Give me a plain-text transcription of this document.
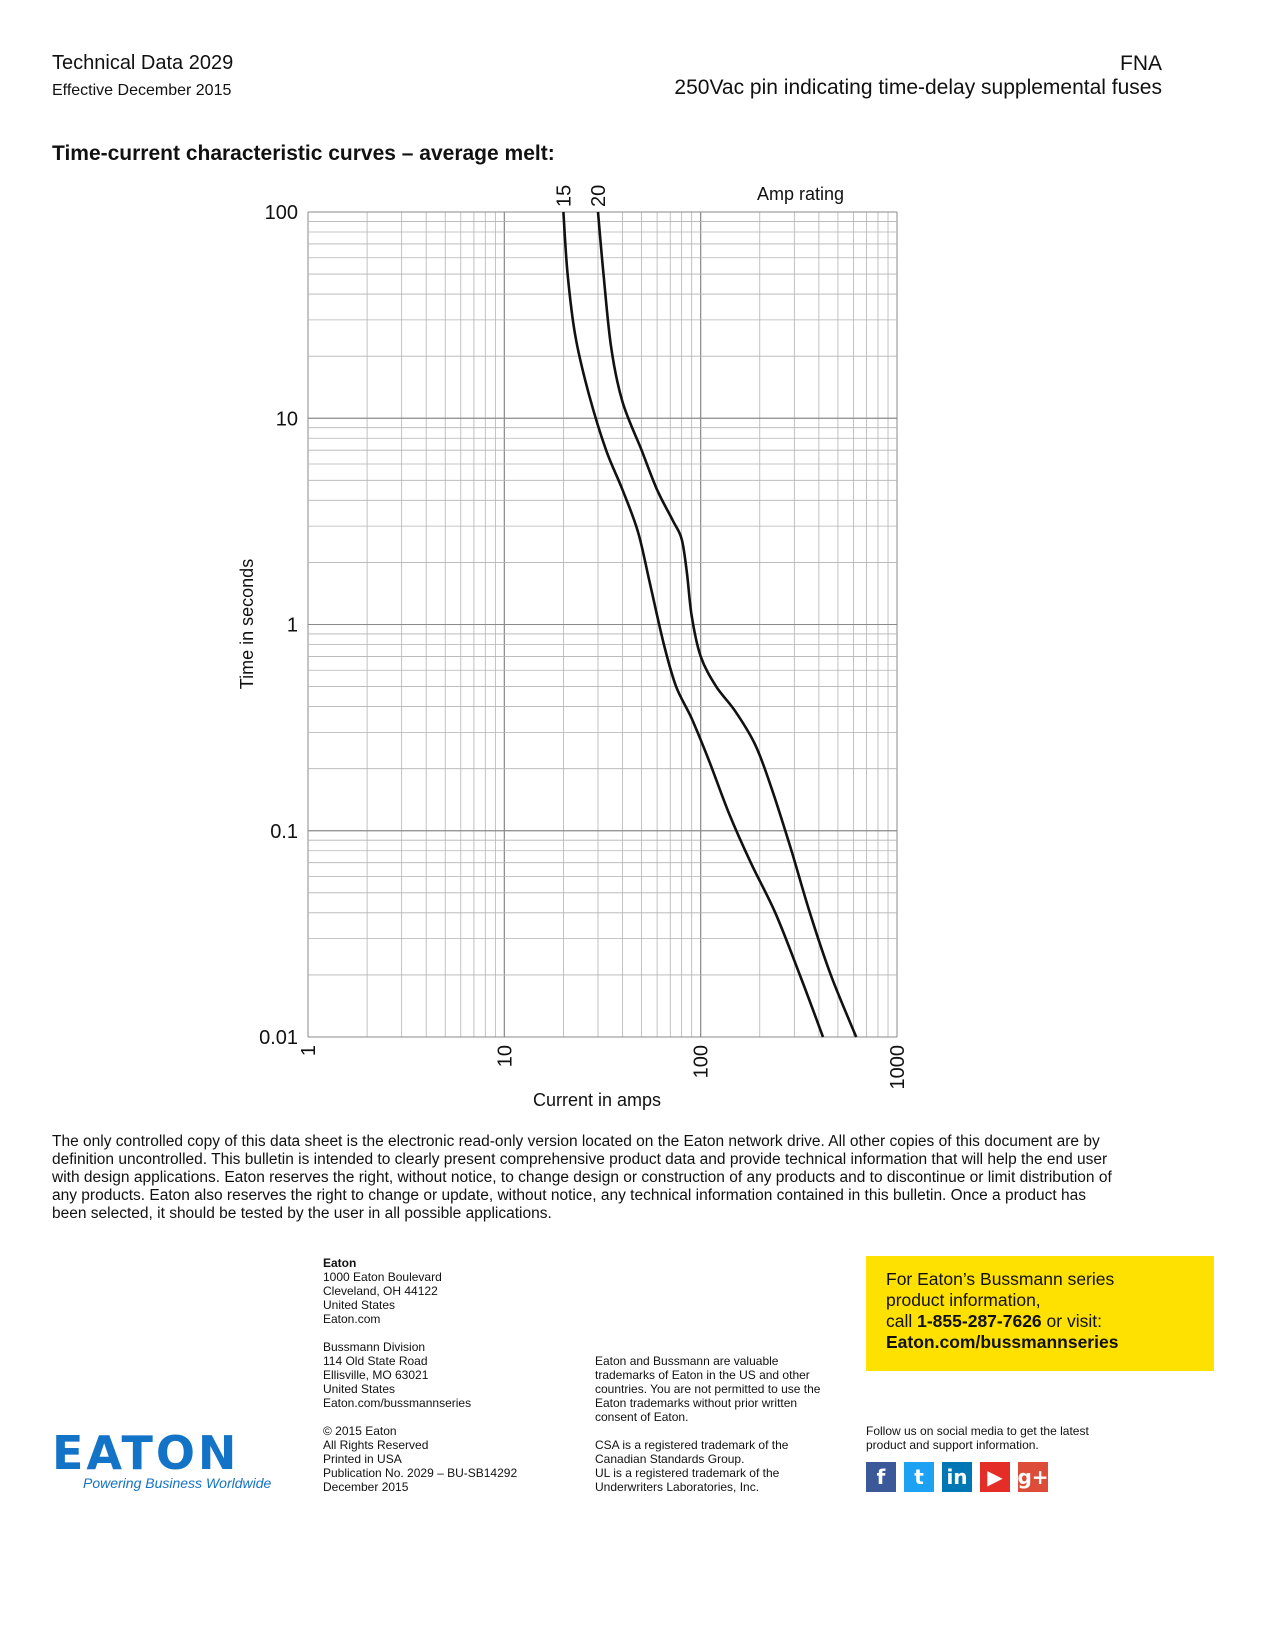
Technical Data 2029
Effective December 2015
FNA
250Vac pin indicating time-delay supplemental fuses
Time-current characteristic curves – average melt:
100
10
1
0.1
0.01
1	10	100	1000
15 20	Amp rating
Current in amps
Time in seconds
The only controlled copy of this data sheet is the electronic read-only version located on the Eaton network drive. All other copies of this document are by definition uncontrolled. This bulletin is intended to clearly present comprehensive product data and provide technical information that will help the end user with design applications. Eaton reserves the right, without notice, to change design or construction of any products and to discontinue or limit distribution of any products. Eaton also reserves the right to change or update, without notice, any technical information contained in this bulletin. Once a product has been selected, it should be tested by the user in all possible applications.
Eaton
1000 Eaton Boulevard
Cleveland, OH 44122
United States
Eaton.com
Bussmann Division
114 Old State Road
Ellisville, MO 63021
United States
Eaton.com/bussmannseries
© 2015 Eaton
All Rights Reserved
Printed in USA
Publication No. 2029 – BU-SB14292
December 2015
Eaton and Bussmann are valuable
trademarks of Eaton in the US and other
countries. You are not permitted to use the
Eaton trademarks without prior written
consent of Eaton.
CSA is a registered trademark of the
Canadian Standards Group.
UL is a registered trademark of the
Underwriters Laboratories, Inc.
For Eaton’s Bussmann series
product information,
call 1-855-287-7626 or visit:
Eaton.com/bussmannseries
Follow us on social media to get the latest product and support information.
f	t	in ▶ g+
EATON
Powering Business Worldwide
